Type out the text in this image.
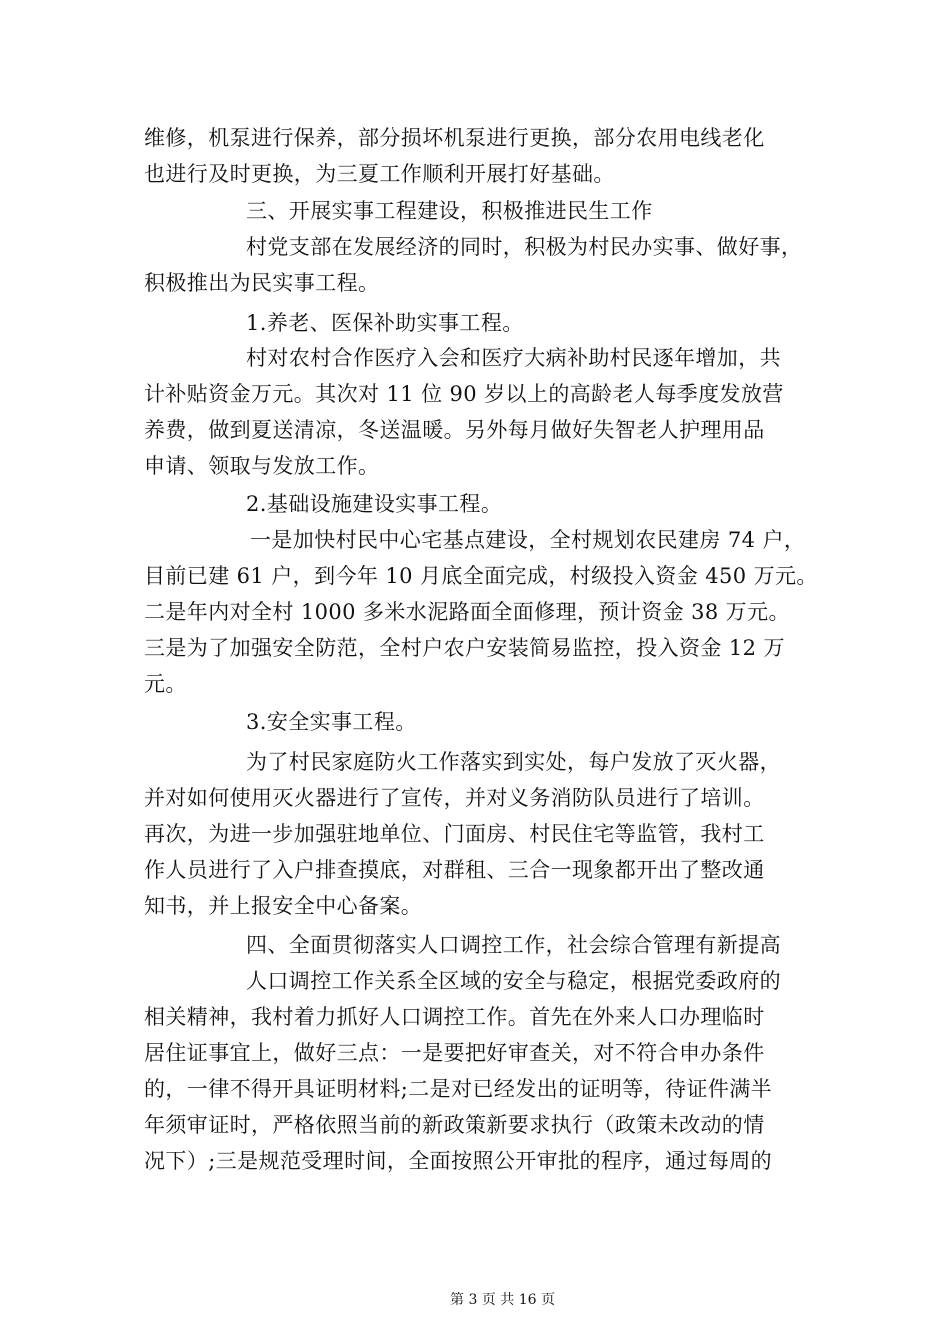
维修，机泵进行保养，部分损坏机泵进行更换，部分农用电线老化
也进行及时更换，为三夏工作顺利开展打好基础。
三、开展实事工程建设，积极推进民生工作
村党支部在发展经济的同时，积极为村民办实事、做好事，
积极推出为民实事工程。
1.养老、医保补助实事工程。
村对农村合作医疗入会和医疗大病补助村民逐年增加，共
计补贴资金万元。其次对 11 位 90 岁以上的高龄老人每季度发放营
养费，做到夏送清凉，冬送温暖。另外每月做好失智老人护理用品
申请、领取与发放工作。
2.基础设施建设实事工程。
一是加快村民中心宅基点建设，全村规划农民建房 74 户，
目前已建 61 户，到今年 10 月底全面完成，村级投入资金 450 万元。
二是年内对全村 1000 多米水泥路面全面修理，预计资金 38 万元。
三是为了加强安全防范，全村户农户安装简易监控，投入资金 12 万
元。
3.安全实事工程。
为了村民家庭防火工作落实到实处，每户发放了灭火器，
并对如何使用灭火器进行了宣传，并对义务消防队员进行了培训。
再次，为进一步加强驻地单位、门面房、村民住宅等监管，我村工
作人员进行了入户排查摸底，对群租、三合一现象都开出了整改通
知书，并上报安全中心备案。
四、全面贯彻落实人口调控工作，社会综合管理有新提高
人口调控工作关系全区域的安全与稳定，根据党委政府的
相关精神，我村着力抓好人口调控工作。首先在外来人口办理临时
居住证事宜上，做好三点：一是要把好审查关，对不符合申办条件
的，一律不得开具证明材料;二是对已经发出的证明等，待证件满半
年须审证时，严格依照当前的新政策新要求执行（政策未改动的情
况下）;三是规范受理时间，全面按照公开审批的程序，通过每周的
第 3 页 共 16 页
